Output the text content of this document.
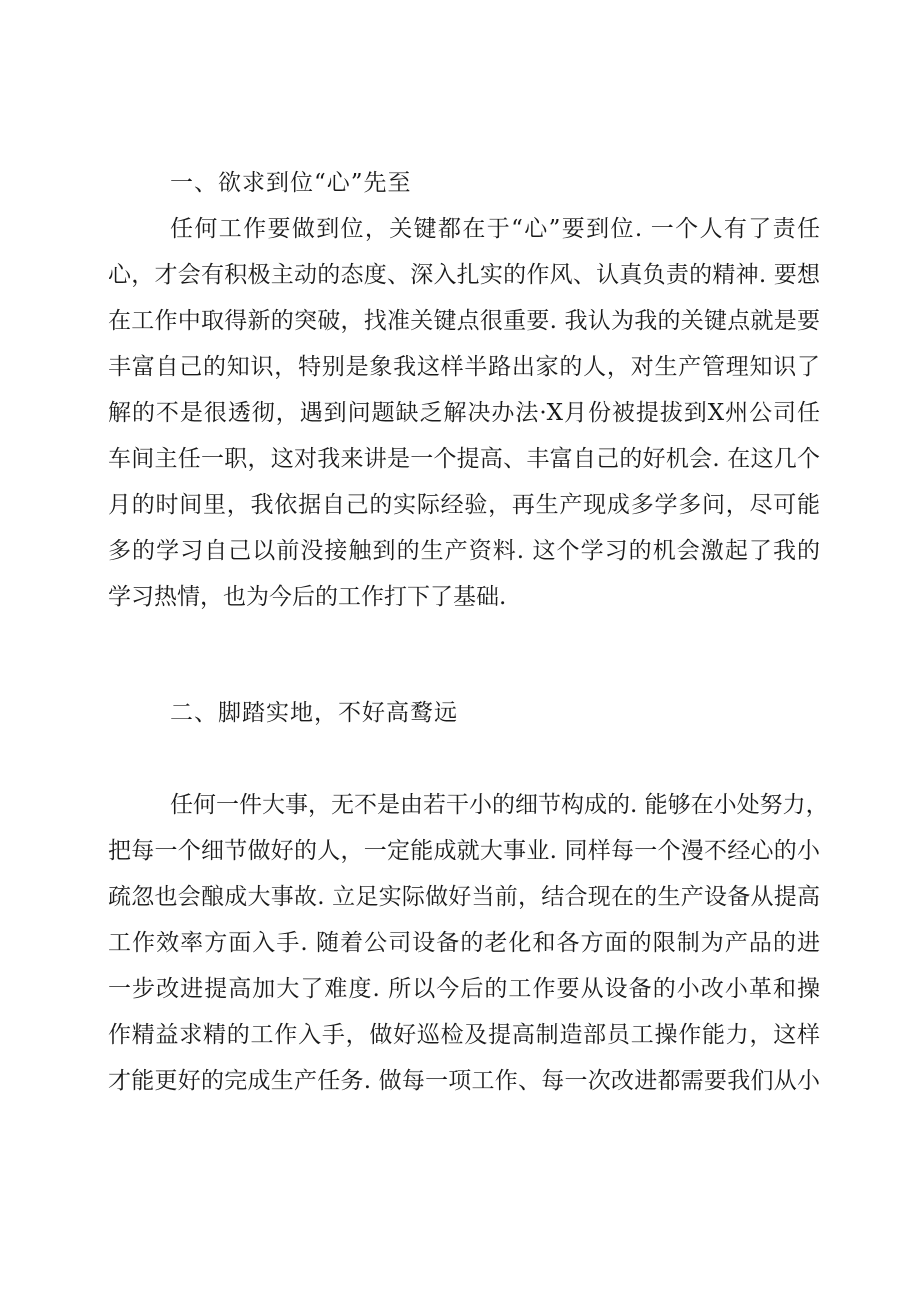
一、欲求到位“心”先至

任何工作要做到位，关键都在于“心”要到位. 一个人有了责任

心，才会有积极主动的态度、深入扎实的作风、认真负责的精神. 要想

在工作中取得新的突破，找准关键点很重要. 我认为我的关键点就是要

丰富自己的知识，特别是象我这样半路出家的人，对生产管理知识了

解的不是很透彻，遇到问题缺乏解决办法·X月份被提拔到X州公司任

车间主任一职，这对我来讲是一个提高、丰富自己的好机会. 在这几个

月的时间里，我依据自己的实际经验，再生产现成多学多问，尽可能

多的学习自己以前没接触到的生产资料. 这个学习的机会激起了我的

学习热情，也为今后的工作打下了基础.

二、脚踏实地，不好高鹜远

任何一件大事，无不是由若干小的细节构成的. 能够在小处努力，

把每一个细节做好的人，一定能成就大事业. 同样每一个漫不经心的小

疏忽也会酿成大事故. 立足实际做好当前，结合现在的生产设备从提高

工作效率方面入手. 随着公司设备的老化和各方面的限制为产品的进

一步改进提高加大了难度. 所以今后的工作要从设备的小改小革和操

作精益求精的工作入手，做好巡检及提高制造部员工操作能力，这样

才能更好的完成生产任务. 做每一项工作、每一次改进都需要我们从小
